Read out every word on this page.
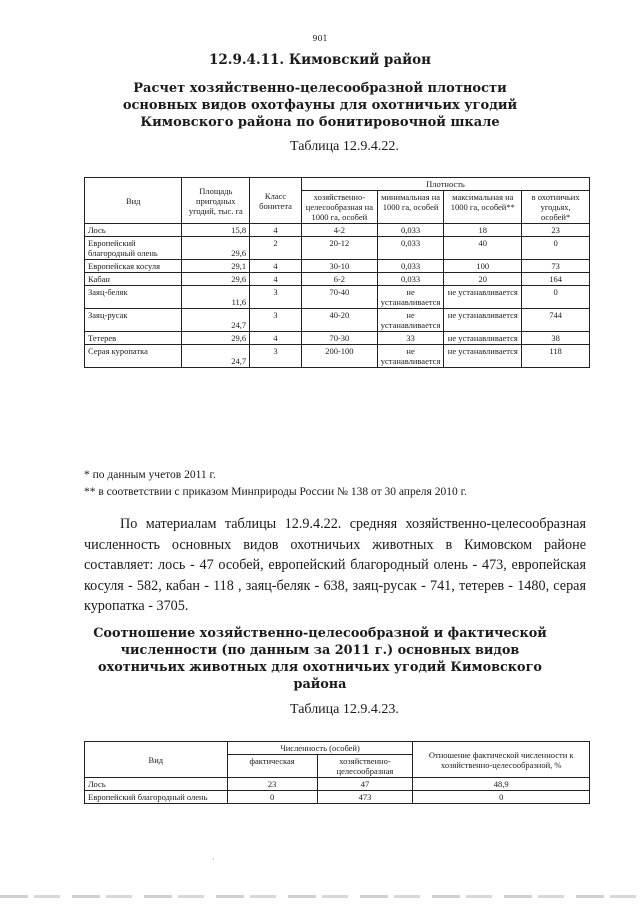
901
12.9.4.11. Кимовский район
Расчет хозяйственно-целесообразной плотности основных видов охотфауны для охотничьих угодий Кимовского района по бонитировочной шкале
Таблица 12.9.4.22.
Вид	Площадь пригодных угодий, тыс. га	Класс бонитета	Плотность			
			хозяйственно-целесообразная на 1000 га, особей	минимальная на 1000 га, особей	максимальная на 1000 га, особей**	в охотничьих угодьях, особей*
Лось	15,8	4	4-2	0,033	18	23
Европейский благородный олень	29,6	2	20-12	0,033	40	0
Европейская косуля	29,1	4	30-10	0,033	100	73
Кабан	29,6	4	6-2	0,033	20	164
Заяц-беляк	11,6	3	70-40	не устанавливается	не устанавливается	0
Заяц-русак	24,7	3	40-20	не устанавливается	не устанавливается	744
Тетерев	29,6	4	70-30	33	не устанавливается	38
Серая куропатка	24,7	3	200-100	не устанавливается	не устанавливается	118
* по данным учетов 2011 г.
** в соответствии с приказом Минприроды России № 138 от 30 апреля 2010 г.
По материалам таблицы 12.9.4.22. средняя хозяйственно-целесообразная численность основных видов охотничьих животных в Кимовском районе составляет: лось - 47 особей, европейский благородный олень - 473, европейская косуля - 582, кабан - 118 , заяц-беляк - 638, заяц-русак - 741, тетерев - 1480, серая куропатка - 3705.
Соотношение хозяйственно-целесообразной и фактической численности (по данным за 2011 г.) основных видов охотничьих животных для охотничьих угодий Кимовского района
Таблица 12.9.4.23.
Вид	Численность (особей)		Отношение фактической численности к хозяйственно-целесообразной, %
	фактическая	хозяйственно-целесообразная	
Лось	23	47	48,9
Европейский благородный олень	0	473	0
·
